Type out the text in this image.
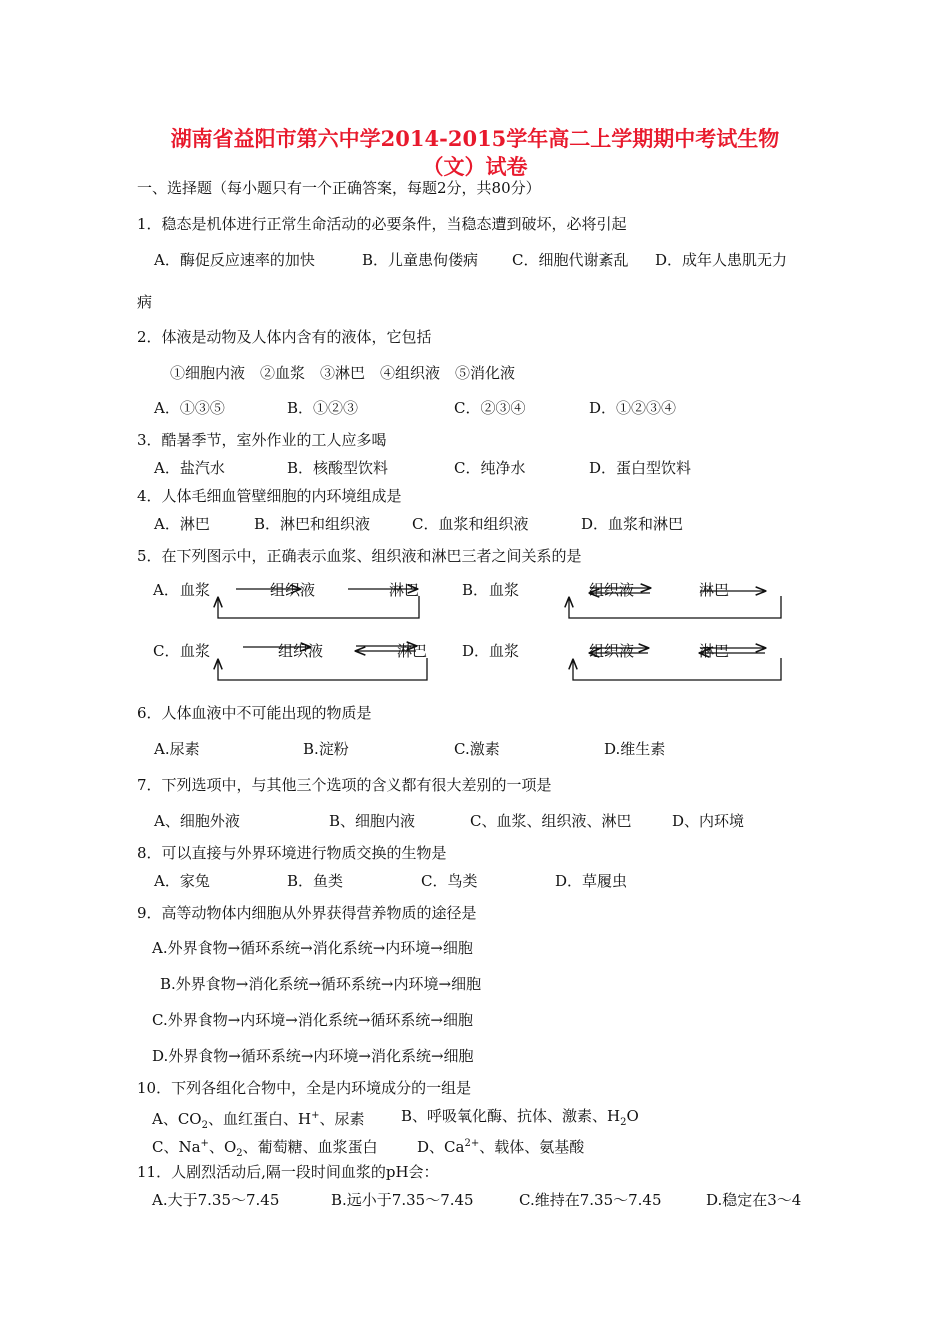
湖南省益阳市第六中学2014-2015学年高二上学期期中考试生物
（文）试卷
一、选择题（每小题只有一个正确答案，每题2分，共80分）
1．稳态是机体进行正常生命活动的必要条件，当稳态遭到破坏，必将引起
A．酶促反应速率的加快	B．儿童患佝偻病 C．细胞代谢紊乱 D．成年人患肌无力
病
2．体液是动物及人体内含有的液体，它包括
①细胞内液　②血浆　③淋巴　④组织液　⑤消化液
A．①③⑤	B．①②③	C．②③④	D．①②③④
3．酷暑季节，室外作业的工人应多喝
A．盐汽水	B．核酸型饮料	C．纯净水	D．蛋白型饮料
4．人体毛细血管壁细胞的内环境组成是
A．淋巴	B．淋巴和组织液	C．血浆和组织液	D．血浆和淋巴
5．在下列图示中，正确表示血浆、组织液和淋巴三者之间关系的是
A． 血浆	组织液	淋巴	B． 血浆	组织液	淋巴
C． 血浆	组织液	淋巴 D． 血浆	组织液	淋巴
6．人体血液中不可能出现的物质是
A.尿素	B.淀粉	C.激素	D.维生素
7．下列选项中，与其他三个选项的含义都有很大差别的一项是
A、细胞外液	B、细胞内液	C、血浆、组织液、淋巴	D、内环境
8．可以直接与外界环境进行物质交换的生物是
A．家兔	B．鱼类	C．鸟类	D．草履虫
9．高等动物体内细胞从外界获得营养物质的途径是
A.外界食物→循环系统→消化系统→内环境→细胞
B.外界食物→消化系统→循环系统→内环境→细胞
C.外界食物→内环境→消化系统→循环系统→细胞
D.外界食物→循环系统→内环境→消化系统→细胞
10．下列各组化合物中，全是内环境成分的一组是
A、$CO_2$、血红蛋白、H+、尿素 B、呼吸氧化酶、抗体、激素、$H_2O$
C、Na+、$O_2$、葡萄糖、血浆蛋白	D、$Ca^{2+}$、载体、氨基酸
11．人剧烈活动后,隔一段时间血浆的pH会：
A.大于7.35～7.45	B.远小于7.35～7.45	C.维持在7.35～7.45	D.稳定在3～4
